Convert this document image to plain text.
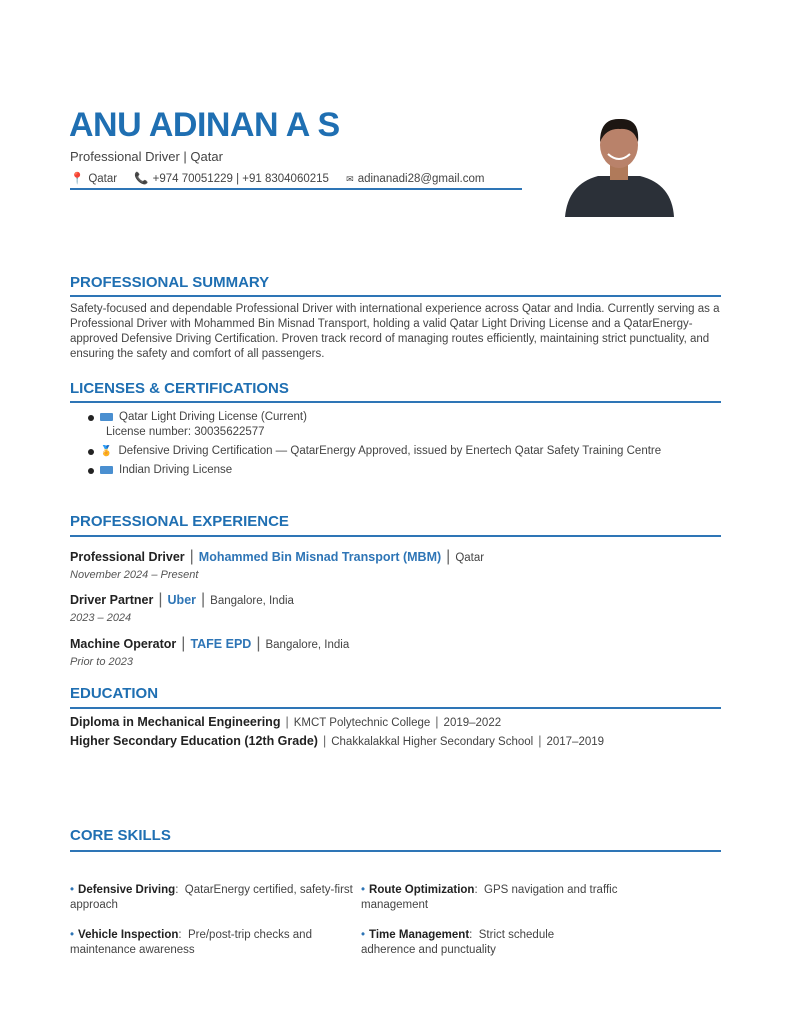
ANU ADINAN A S
Professional Driver | Qatar
📍 Qatar 📞 +974 70051229 | +91 8304060215 ✉ adinanadi28@gmail.com
PROFESSIONAL SUMMARY
Safety-focused and dependable Professional Driver with international experience across Qatar and India. Currently serving as a Professional Driver with Mohammed Bin Misnad Transport, holding a valid Qatar Light Driving License and a QatarEnergy-approved Defensive Driving Certification. Proven track record of managing routes efficiently, maintaining strict punctuality, and ensuring the safety and comfort of all passengers.
LICENSES & CERTIFICATIONS
Qatar Light Driving License (Current)
License number: 30035622577
🏅 Defensive Driving Certification — QatarEnergy Approved, issued by Enertech Qatar Safety Training Centre
Indian Driving License
PROFESSIONAL EXPERIENCE
Professional Driver | Mohammed Bin Misnad Transport (MBM) | Qatar
November 2024 – Present
Driver Partner | Uber | Bangalore, India
2023 – 2024
Machine Operator | TAFE EPD | Bangalore, India
Prior to 2023
EDUCATION
Diploma in Mechanical Engineering | KMCT Polytechnic College | 2019–2022
Higher Secondary Education (12th Grade) | Chakkalakkal Higher Secondary School | 2017–2019
CORE SKILLS
• Defensive Driving:  QatarEnergy certified, safety-first approach
• Route Optimization:  GPS navigation and traffic management
• Vehicle Inspection:  Pre/post-trip checks and maintenance awareness
• Time Management:  Strict schedule adherence and punctuality
